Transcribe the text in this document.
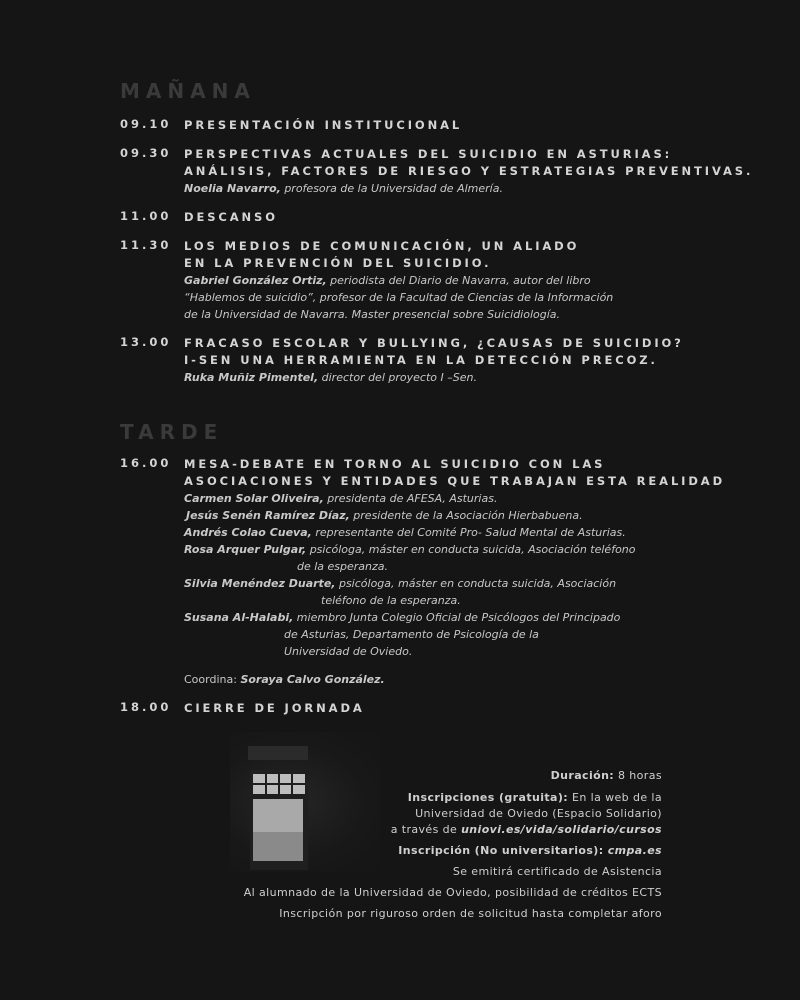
MAÑANA
09.10 PRESENTACIÓN INSTITUCIONAL
09.30 PERSPECTIVAS ACTUALES DEL SUICIDIO EN ASTURIAS:
ANÁLISIS, FACTORES DE RIESGO Y ESTRATEGIAS PREVENTIVAS.
Noelia Navarro, profesora de la Universidad de Almería.
11.00 DESCANSO
11.30 LOS MEDIOS DE COMUNICACIÓN, UN ALIADO
EN LA PREVENCIÓN DEL SUICIDIO.
Gabriel González Ortiz, periodista del Diario de Navarra, autor del libro
“Hablemos de suicidio”, profesor de la Facultad de Ciencias de la Información
de la Universidad de Navarra. Master presencial sobre Suicidiología.
13.00 FRACASO ESCOLAR Y BULLYING, ¿CAUSAS DE SUICIDIO?
I-SEN UNA HERRAMIENTA EN LA DETECCIÓN PRECOZ.
Ruka Muñiz Pimentel, director del proyecto I –Sen.
TARDE
16.00 MESA-DEBATE EN TORNO AL SUICIDIO CON LAS
ASOCIACIONES Y ENTIDADES QUE TRABAJAN ESTA REALIDAD
Carmen Solar Oliveira, presidenta de AFESA, Asturias.
Jesús Senén Ramírez Díaz, presidente de la Asociación Hierbabuena.
Andrés Colao Cueva, representante del Comité Pro- Salud Mental de Asturias.
Rosa Arquer Pulgar, psicóloga, máster en conducta suicida, Asociación teléfono
de la esperanza.
Silvia Menéndez Duarte, psicóloga, máster en conducta suicida, Asociación
teléfono de la esperanza.
Susana Al-Halabi, miembro Junta Colegio Oficial de Psicólogos del Principado
de Asturias, Departamento de Psicología de la
Universidad de Oviedo.
Coordina: Soraya Calvo González.
18.00 CIERRE DE JORNADA
Duración: 8 horas
Inscripciones (gratuita): En la web de la
Universidad de Oviedo (Espacio Solidario)
a través de uniovi.es/vida/solidario/cursos
Inscripción (No universitarios): cmpa.es
Se emitirá certificado de Asistencia
Al alumnado de la Universidad de Oviedo, posibilidad de créditos ECTS
Inscripción por riguroso orden de solicitud hasta completar aforo
